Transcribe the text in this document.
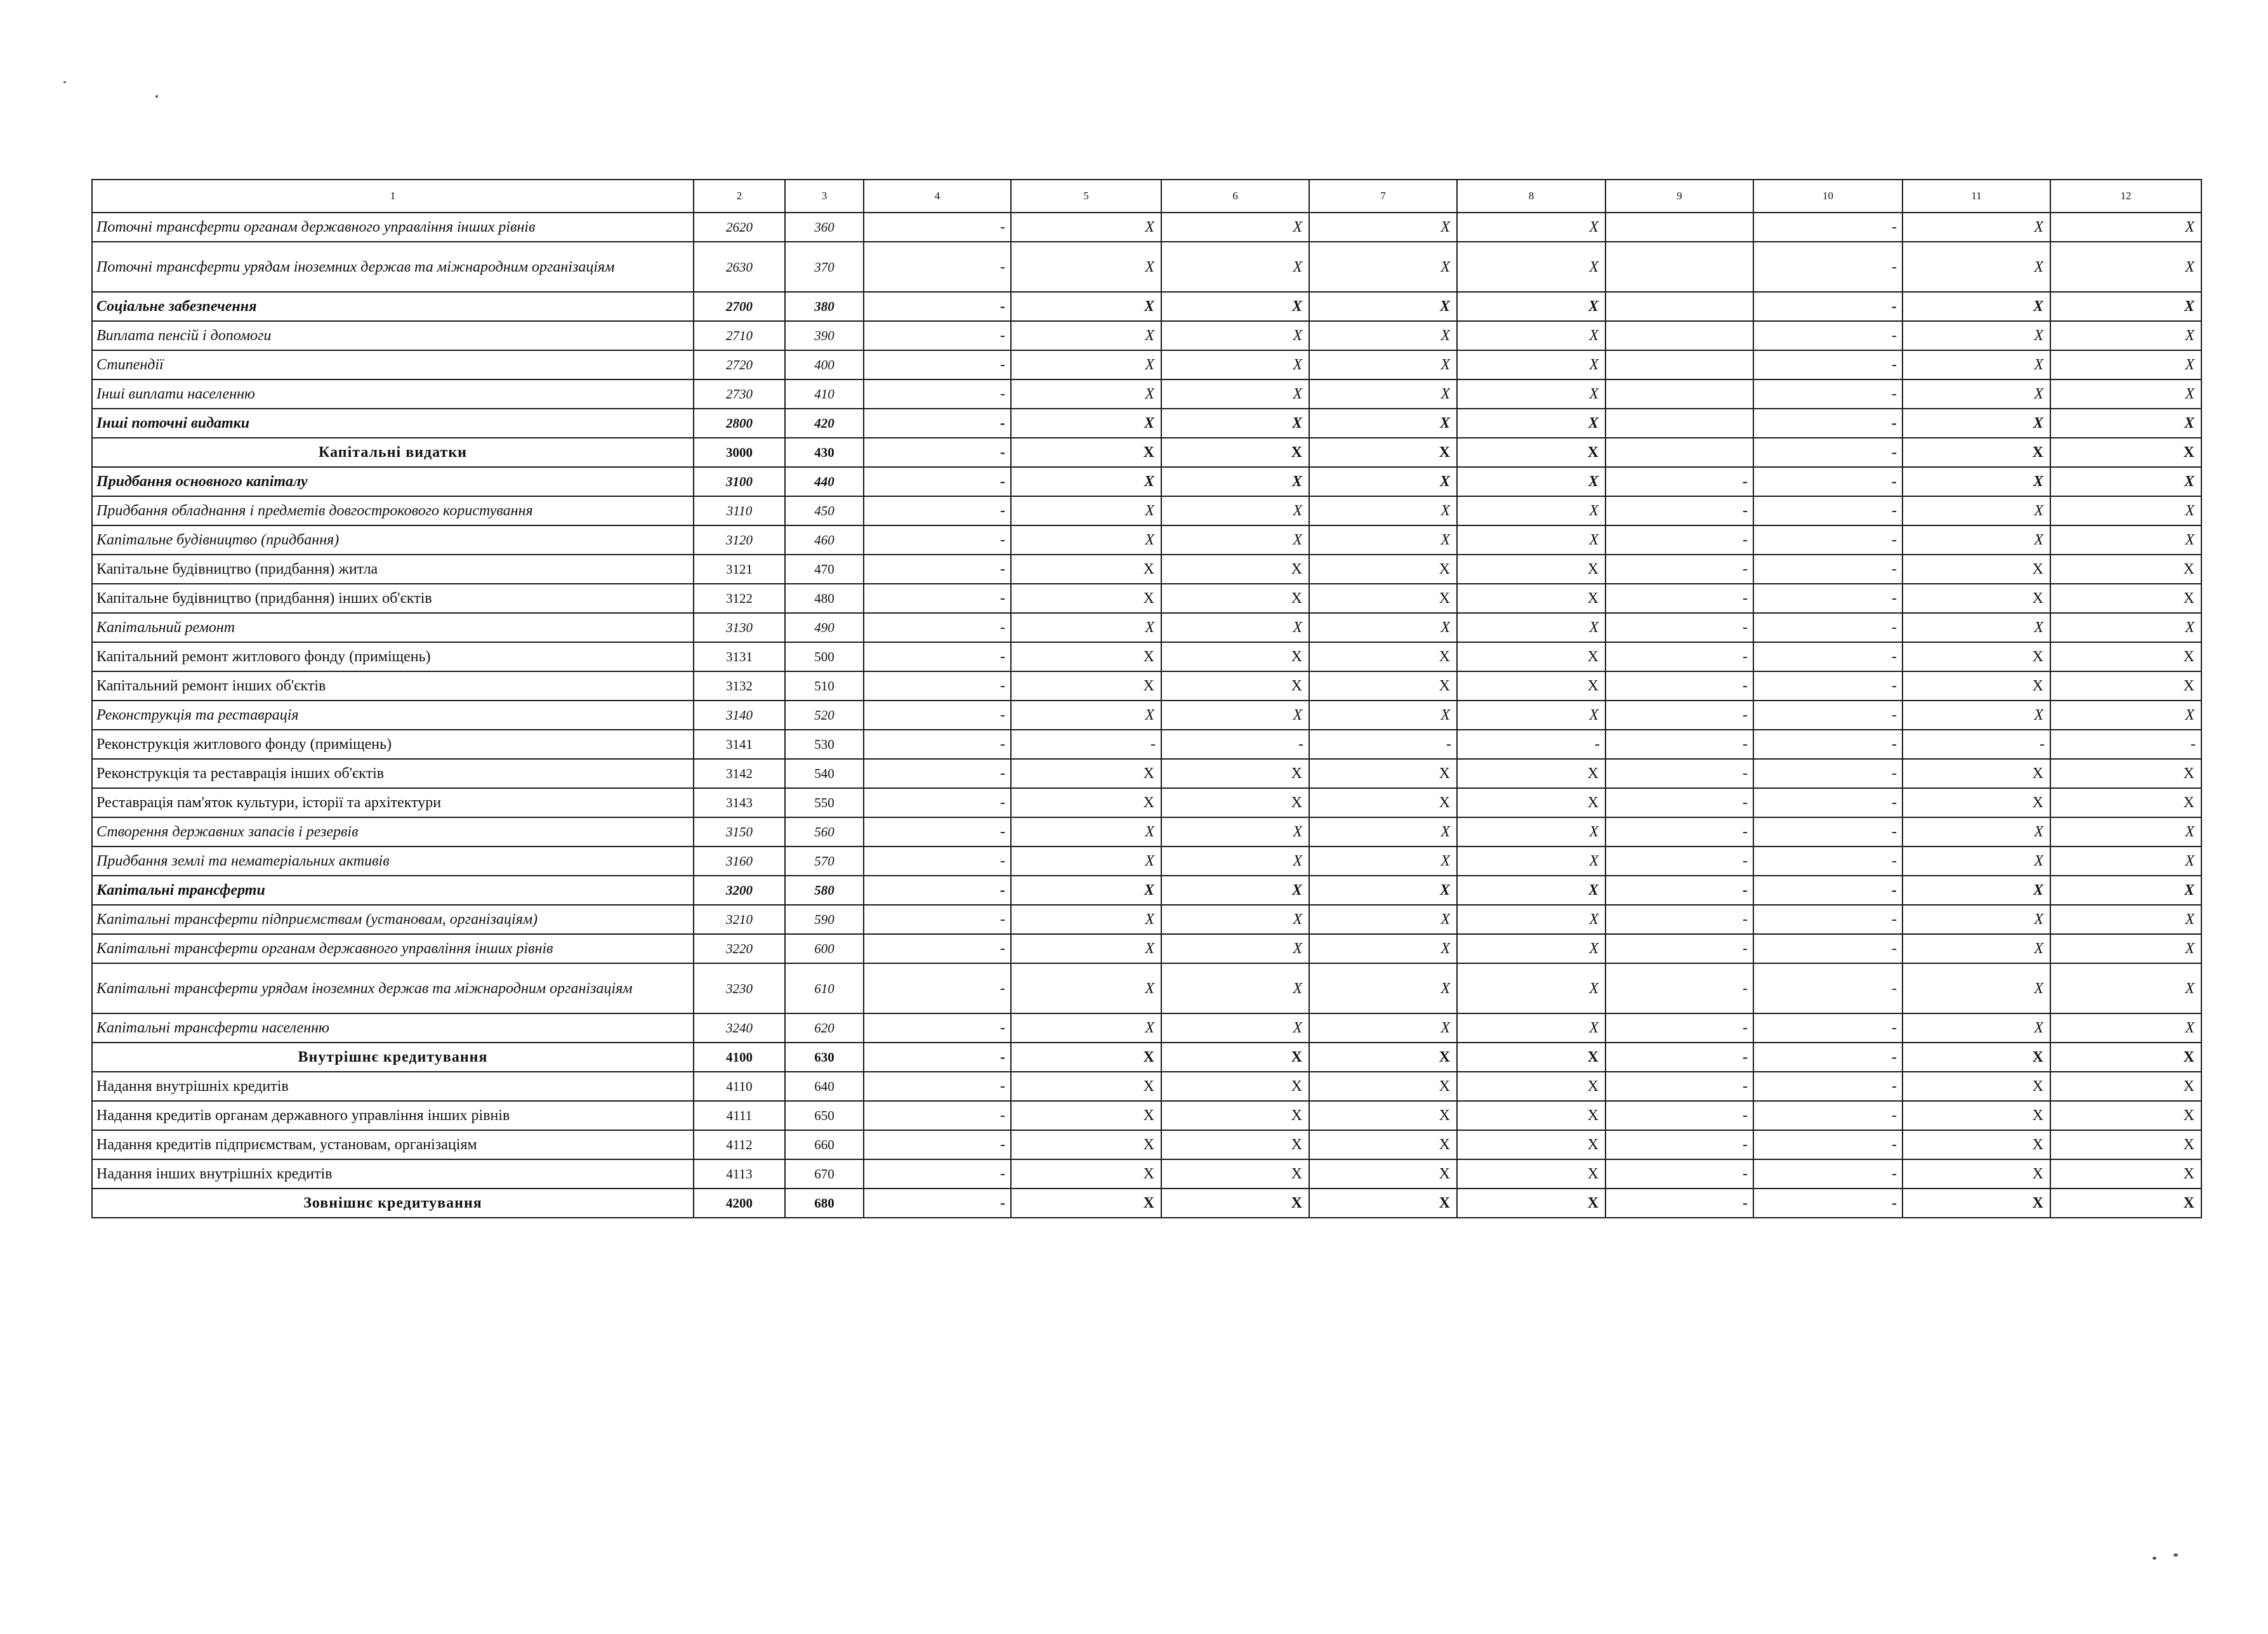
1	2	3	4	5	6	7	8	9	10	11	12
Поточні трансферти органам державного управління інших рівнів	2620	360	-	X	X	X	X		-	X	X
Поточні трансферти урядам іноземних держав та міжнародним організаціям	2630	370	-	X	X	X	X		-	X	X
Соціальне забезпечення	2700	380	-	X	X	X	X		-	X	X
Виплата пенсій і допомоги	2710	390	-	X	X	X	X		-	X	X
Стипендії	2720	400	-	X	X	X	X		-	X	X
Інші виплати населенню	2730	410	-	X	X	X	X		-	X	X
Інші поточні видатки	2800	420	-	X	X	X	X		-	X	X
Капітальні видатки	3000	430	-	X	X	X	X		-	X	X
Придбання основного капіталу	3100	440	-	X	X	X	X	-	-	X	X
Придбання обладнання і предметів довгострокового користування	3110	450	-	X	X	X	X	-	-	X	X
Капітальне будівництво (придбання)	3120	460	-	X	X	X	X	-	-	X	X
Капітальне будівництво (придбання) житла	3121	470	-	X	X	X	X	-	-	X	X
Капітальне будівництво (придбання) інших об'єктів	3122	480	-	X	X	X	X	-	-	X	X
Капітальний ремонт	3130	490	-	X	X	X	X	-	-	X	X
Капітальний ремонт житлового фонду (приміщень)	3131	500	-	X	X	X	X	-	-	X	X
Капітальний ремонт інших об'єктів	3132	510	-	X	X	X	X	-	-	X	X
Реконструкція та реставрація	3140	520	-	X	X	X	X	-	-	X	X
Реконструкція житлового фонду (приміщень)	3141	530	-	-	-	-	-	-	-	-	-
Реконструкція та реставрація інших об'єктів	3142	540	-	X	X	X	X	-	-	X	X
Реставрація пам'яток культури, історії та архітектури	3143	550	-	X	X	X	X	-	-	X	X
Створення державних запасів і резервів	3150	560	-	X	X	X	X	-	-	X	X
Придбання землі та нематеріальних активів	3160	570	-	X	X	X	X	-	-	X	X
Капітальні трансферти	3200	580	-	X	X	X	X	-	-	X	X
Капітальні трансферти підприємствам (установам, організаціям)	3210	590	-	X	X	X	X	-	-	X	X
Капітальні трансферти органам державного управління інших рівнів	3220	600	-	X	X	X	X	-	-	X	X
Капітальні трансферти урядам іноземних держав та міжнародним організаціям	3230	610	-	X	X	X	X	-	-	X	X
Капітальні трансферти населенню	3240	620	-	X	X	X	X	-	-	X	X
Внутрішнє кредитування	4100	630	-	X	X	X	X	-	-	X	X
Надання внутрішніх кредитів	4110	640	-	X	X	X	X	-	-	X	X
Надання кредитів органам державного управління інших рівнів	4111	650	-	X	X	X	X	-	-	X	X
Надання кредитів підприємствам, установам, організаціям	4112	660	-	X	X	X	X	-	-	X	X
Надання інших внутрішніх кредитів	4113	670	-	X	X	X	X	-	-	X	X
Зовнішнє кредитування	4200	680	-	X	X	X	X	-	-	X	X
